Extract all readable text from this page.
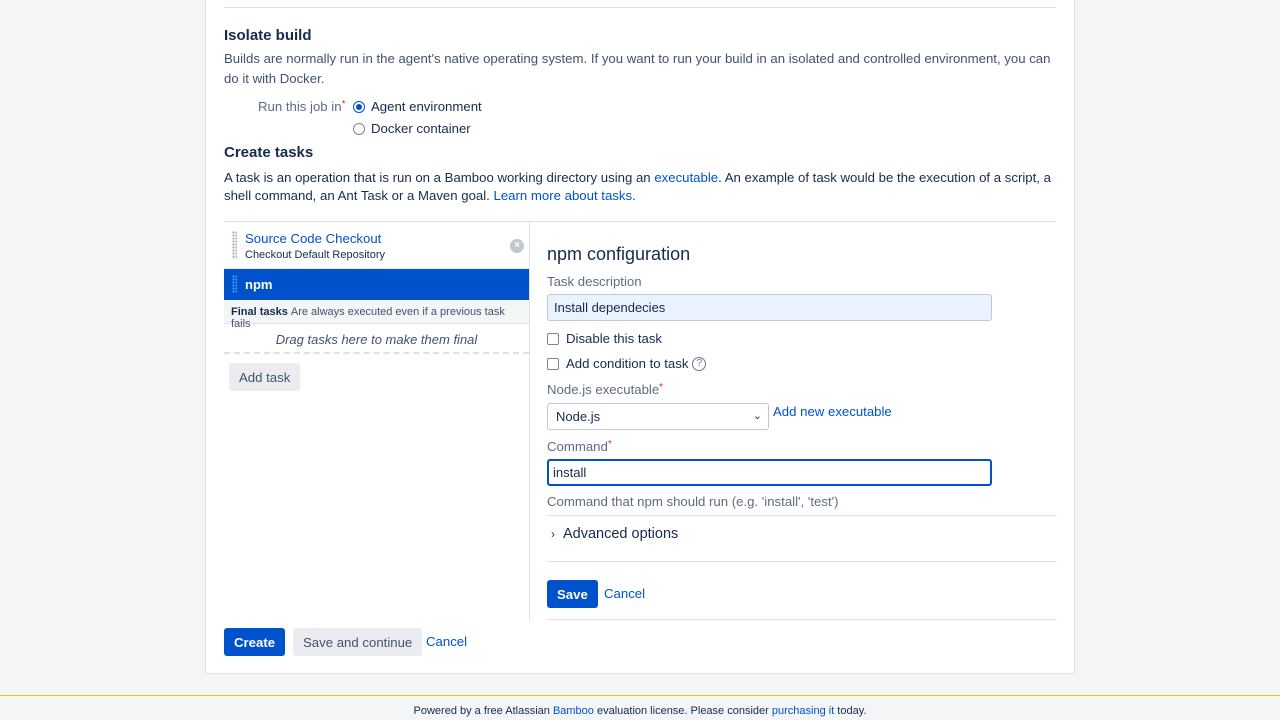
Isolate build
Builds are normally run in the agent's native operating system. If you want to run your build in an isolated and controlled environment, you can do it with Docker.
Run this job in* Agent environment
Docker container
Create tasks
A task is an operation that is run on a Bamboo working directory using an executable. An example of task would be the execution of a script, a shell command, an Ant Task or a Maven goal. Learn more about tasks.
Source Code Checkout
Checkout Default Repository
×
npm
Final tasks Are always executed even if a previous task fails
Drag tasks here to make them final
Add task
npm configuration
Task description
Install dependecies
Disable this task
Add condition to task ?
Node.js executable*
Node.js	⌄ Add new executable
Command*
install
Command that npm should run (e.g. 'install', 'test')
› Advanced options
Save	Cancel
Create	Save and continue	Cancel
Powered by a free Atlassian Bamboo evaluation license. Please consider purchasing it today.
